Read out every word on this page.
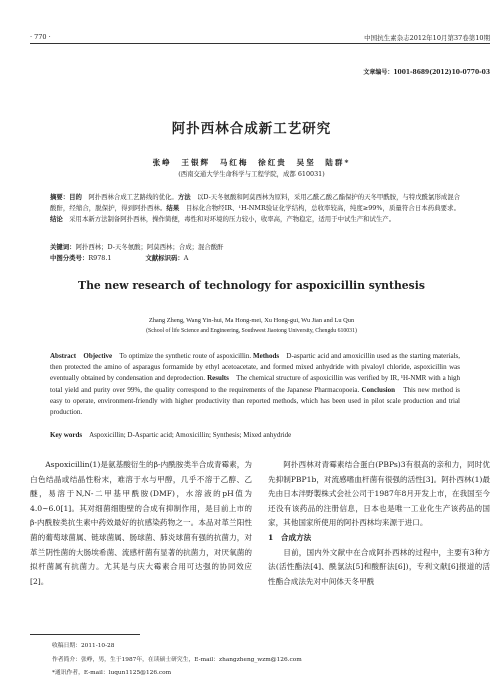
· 770 ·	中国抗生素杂志2012年10月第37卷第10期
文章编号：1001-8689(2012)10-0770-03
阿扑西林合成新工艺研究
张峥　王银辉　马红梅　徐红贵　吴坚　陆群*
(西南交通大学生命科学与工程学院，成都 610031)
摘要：目的　 阿扑西林合成工艺路线的优化。方法　 以D-天冬氨酸和阿莫西林为原料，采用乙酰乙酸乙酯保护的天冬甲酰胺，与特戊酰氯形成混合酸酐，经缩合，脱保护，得到阿扑西林。结果　 目标化合物经IR、¹H-NMR验证化学结构，总收率较高，纯度≥99%，质量符合日本药典要求。结论　 采用本新方法制备阿扑西林，操作简便，毒性和对环境的压力较小，收率高，产物稳定，适用于中试生产和试生产。
关键词：阿扑西林；D-天冬氨酸；阿莫西林；合成；混合酸酐
中图分类号：R978.1	文献标识码：A
The new research of technology for aspoxicillin synthesis
Zhang Zheng, Wang Yin-hui, Ma Hong-mei, Xu Hong-gui, Wu Jian and Lu Qun
(School of life Science and Engineering, Southwest Jiaotong University, Chengdu 610031)
Abstract　 Objective　 To optimize the synthetic route of aspoxicillin. Methods　 D-aspartic acid and amoxicillin used as the starting materials, then protected the amino of asparagus formamide by ethyl acetoacetate, and formed mixed anhydride with pivaloyl chloride, aspoxicillin was eventually obtained by condensation and deprodection. Results　 The chemical structure of aspoxicillin was verified by IR, ¹H-NMR with a high total yield and purity over 99%, the quality correspond to the requirements of the Japanese Pharmacopoeia. Conclusion　 This new method is easy to operate, environment-friendly with higher productivity than reported methods, which has been used in pilot scale production and trial production.
Key words　 Aspoxicillin; D-Aspartic acid; Amoxicillin; Synthesis; Mixed anhydride
Aspoxicillin(1)是氨基酸衍生的β-内酰胺类半合成青霉素，为白色结晶或结晶性粉末，难溶于水与甲醇，几乎不溶于乙醇、乙醚，易溶于N,N-二甲基甲酰胺(DMF)，水溶液的pH值为4.0~6.0[1]。其对细菌细胞壁的合成有抑制作用，是目前上市的β-内酰胺类抗生素中药效最好的抗感染药物之一。本品对革兰阳性菌的葡萄球菌属、链球菌属、肠球菌、肺炎球菌有强的抗菌力，对革兰阴性菌的大肠埃希菌、流感杆菌有显著的抗菌力，对厌氧菌的拟杆菌属有抗菌力。尤其是与庆大霉素合用可达强的协同效应[2]。
阿扑西林对青霉素结合蛋白(PBPs)3有很高的亲和力，同时优先抑制PBP1b，对流感嗜血杆菌有很强的活性[3]。阿扑西林(1)最先由日本泮野製株式会社公司于1987年8月开发上市，在我国至今还没有该药品的注册信息，日本也是唯一工业化生产该药品的国家，其他国家所使用的阿扑西林均来源于进口。
1　合成方法
目前，国内外文献中在合成阿扑西林的过程中，主要有3种方法(活性酯法[4]、酰氯法[5]和酸酐法[6])，专利文献[6]报道的活性酯合成法先对中间体天冬甲酰
收稿日期：2011-10-28
作者简介：张峥，男，生于1987年，在读硕士研究生，E-mail：zhangzheng_wzm@126.com
*通讯作者，E-mail：luqun1125@126.com
